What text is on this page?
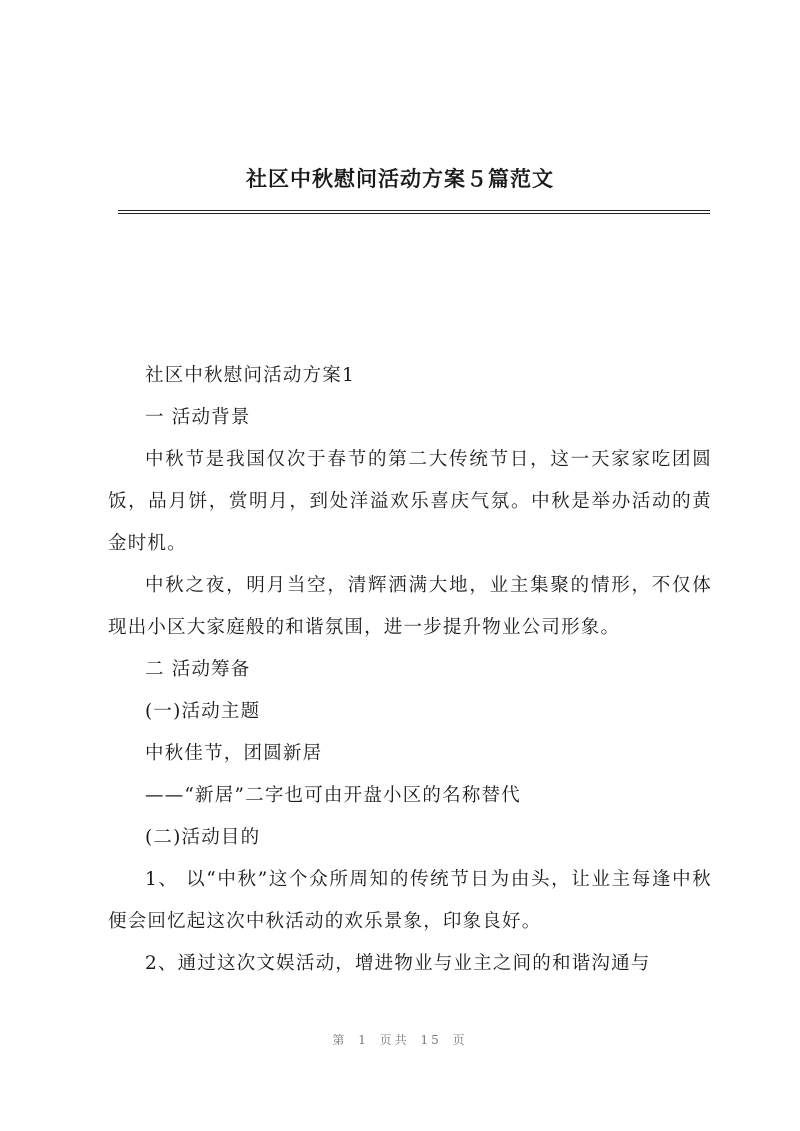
社区中秋慰问活动方案５篇范文

社区中秋慰问活动方案1

一 活动背景

中秋节是我国仅次于春节的第二大传统节日，这一天家家吃团圆饭，品月饼，赏明月，到处洋溢欢乐喜庆气氛。中秋是举办活动的黄金时机。

中秋之夜，明月当空，清辉洒满大地，业主集聚的情形，不仅体现出小区大家庭般的和谐氛围，进一步提升物业公司形象。

二 活动筹备

(一)活动主题

中秋佳节，团圆新居

——“新居”二字也可由开盘小区的名称替代

(二)活动目的

1、 以“中秋”这个众所周知的传统节日为由头，让业主每逢中秋便会回忆起这次中秋活动的欢乐景象，印象良好。

2、通过这次文娱活动，增进物业与业主之间的和谐沟通与

第 1 页共 15 页
